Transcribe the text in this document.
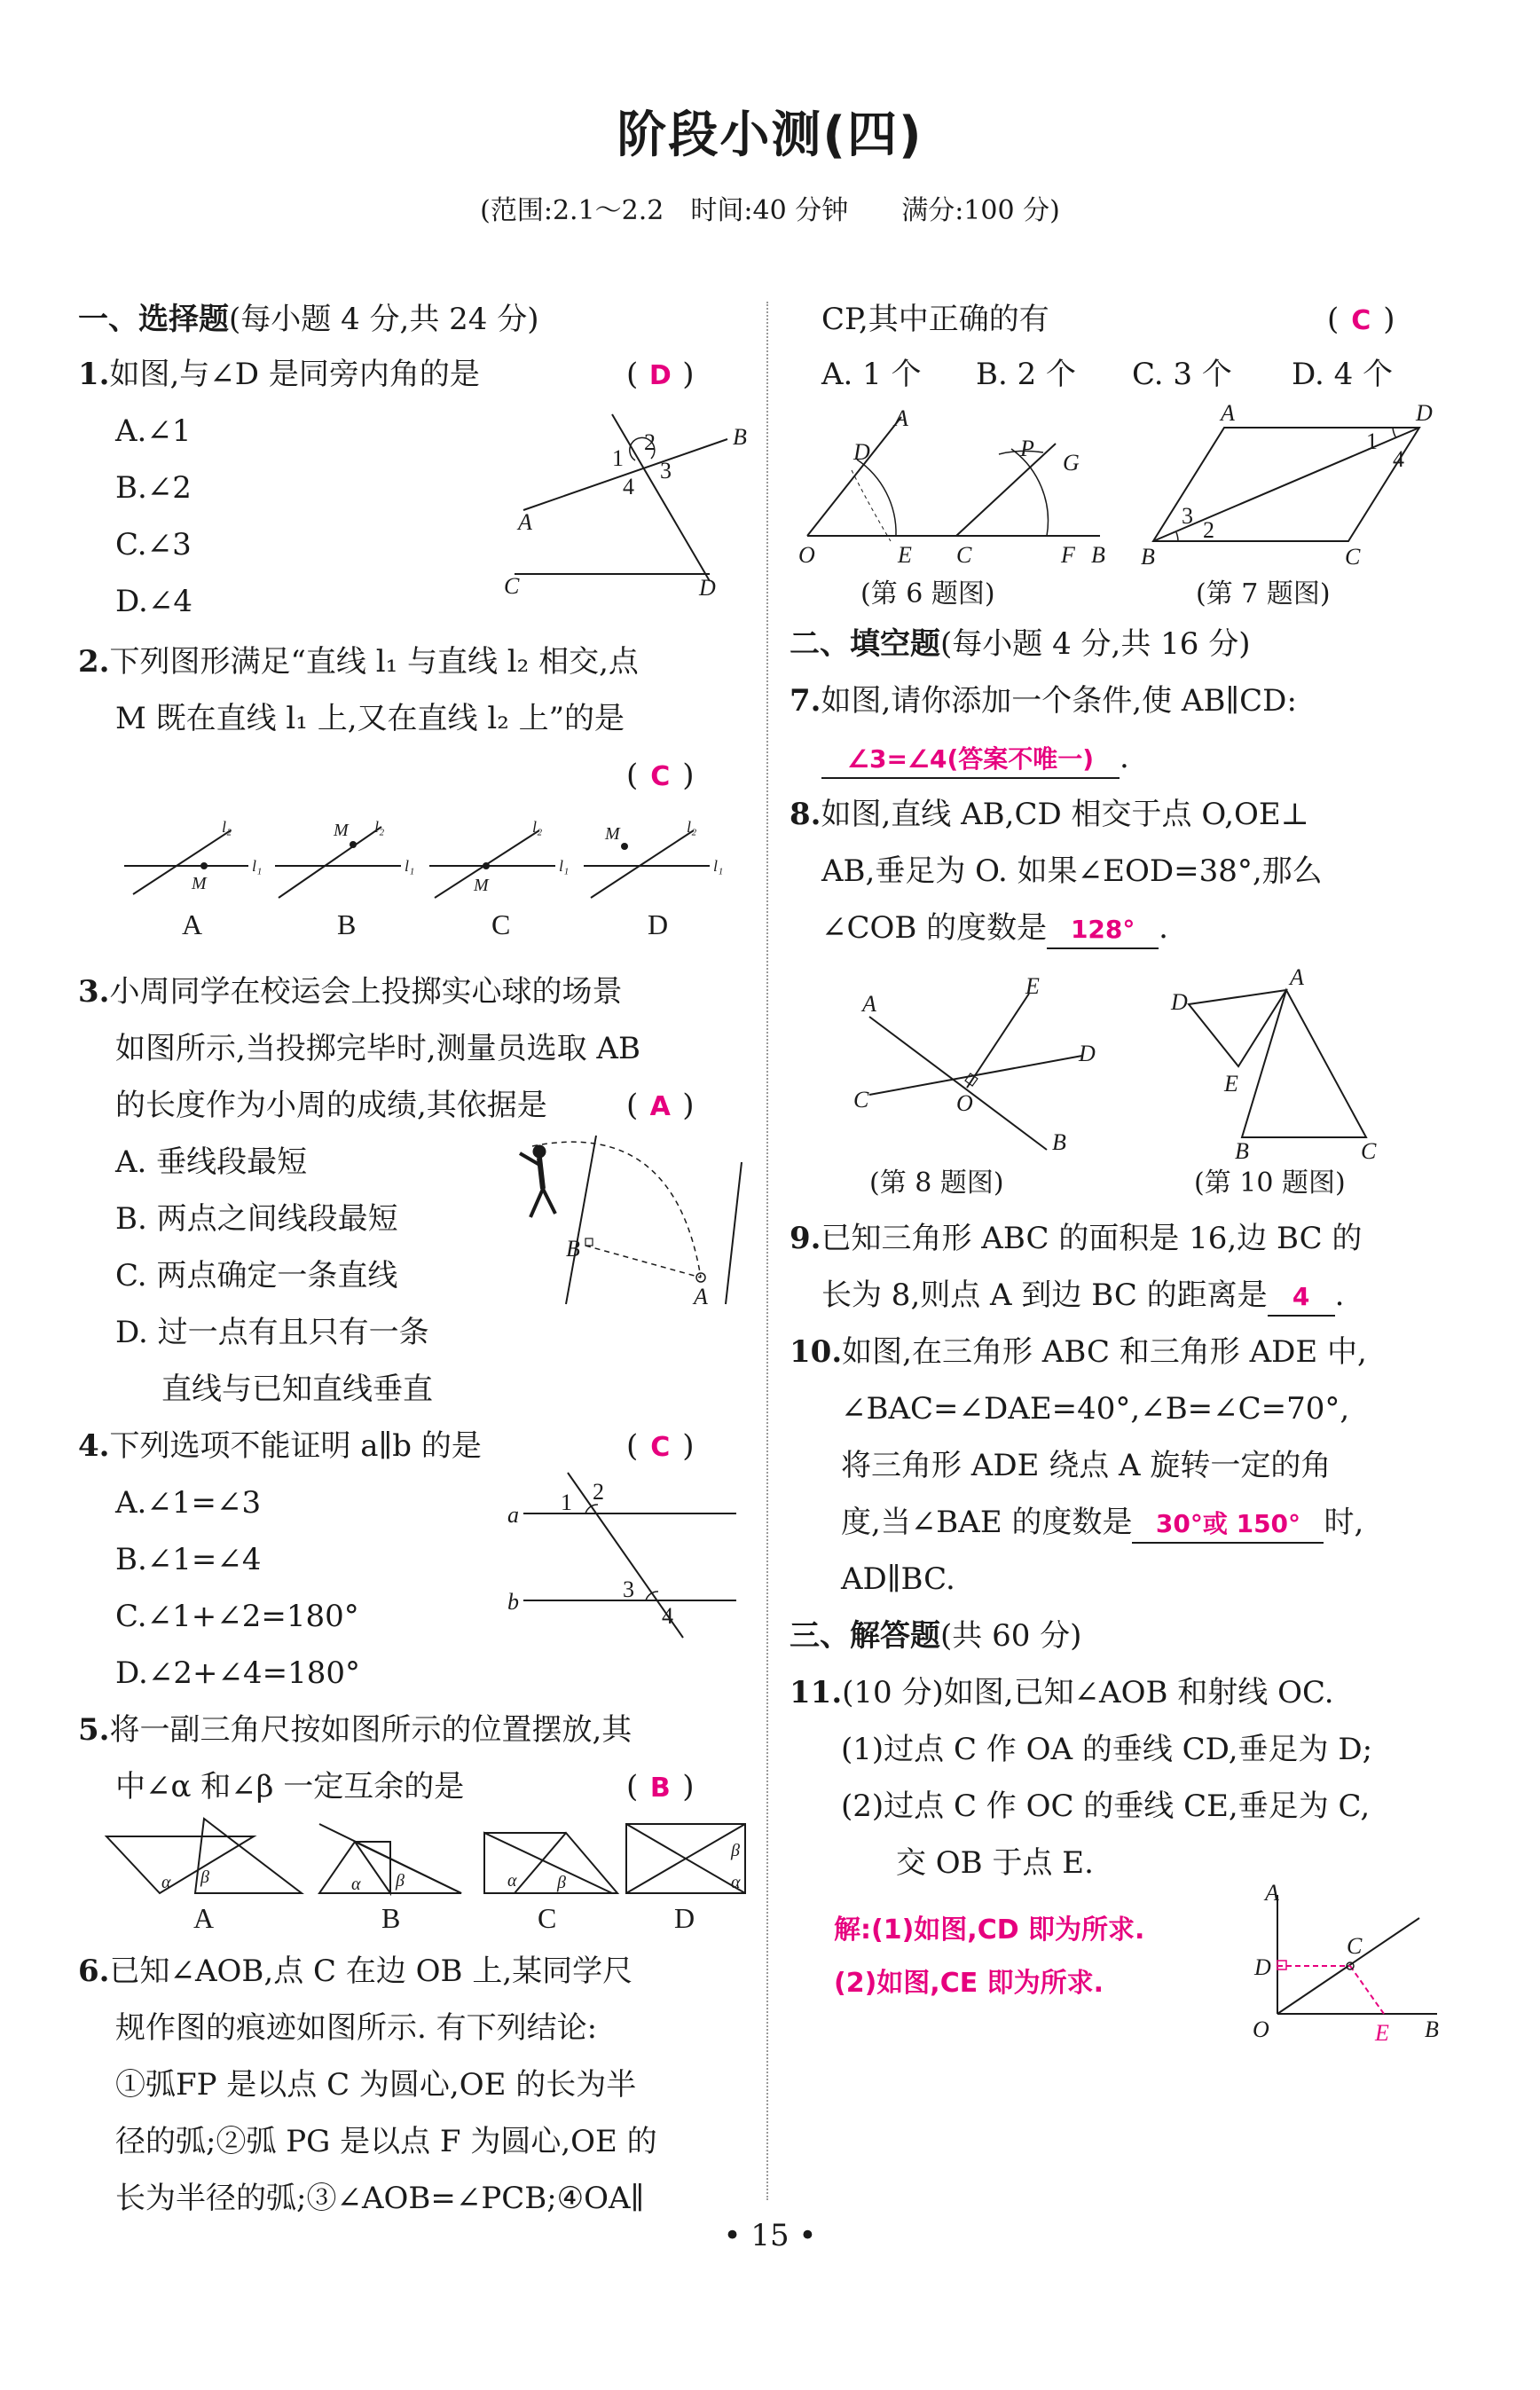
阶段小测(四)
(范围:2.1～2.2　时间:40 分钟　　满分:100 分)
一、选择题(每小题 4 分,共 24 分)
1.如图,与∠D 是同旁内角的是	( D )
A.∠1
B.∠2
C.∠3
D.∠4
1
2
3
4
B
A
C	D
2.下列图形满足“直线 l₁ 与直线 l₂ 相交,点
M 既在直线 l₁ 上,又在直线 l₂ 上”的是
( C )
M
l₂
l₁
M l₂
l₁
M
l₂
l₁
M	l₂
l₁
A	B	C	D
3.小周同学在校运会上投掷实心球的场景
如图所示,当投掷完毕时,测量员选取 AB
的长度作为小周的成绩,其依据是	( A )
A. 垂线段最短
B. 两点之间线段最短
C. 两点确定一条直线
D. 过一点有且只有一条
直线与已知直线垂直
B
A
4.下列选项不能证明 a∥b 的是	( C )
A.∠1=∠3
B.∠1=∠4
C.∠1+∠2=180°
D.∠2+∠4=180°
a
b
1 2
3
4
5.将一副三角尺按如图所示的位置摆放,其
中∠α 和∠β 一定互余的是	( B )
α β	α β	α β
β
α
A	B	C	D
6.已知∠AOB,点 C 在边 OB 上,某同学尺
规作图的痕迹如图所示. 有下列结论:
①弧FP 是以点 C 为圆心,OE 的长为半
径的弧;②弧 PG 是以点 F 为圆心,OE 的
长为半径的弧;③∠AOB=∠PCB;④OA∥
• 15 •
CP,其中正确的有	( C )
A. 1 个 B. 2 个 C. 3 个 D. 4 个
A
D	P
G
O	E C	F B
(第 6 题图)
A	D
B	C
1
2
3
4
(第 7 题图)
二、填空题(每小题 4 分,共 16 分)
7.如图,请你添加一个条件,使 AB∥CD:
∠3=∠4(答案不唯一) .
8.如图,直线 AB,CD 相交于点 O,OE⊥
AB,垂足为 O. 如果∠EOD=38°,那么
∠COB 的度数是 128° .
A
E
D
C	O
B
(第 8 题图)
A
D
E
B	C
(第 10 题图)
9.已知三角形 ABC 的面积是 16,边 BC 的
长为 8,则点 A 到边 BC 的距离是 4 .
10.如图,在三角形 ABC 和三角形 ADE 中,
∠BAC=∠DAE=40°,∠B=∠C=70°,
将三角形 ADE 绕点 A 旋转一定的角
度,当∠BAE 的度数是 30°或 150° 时,
AD∥BC.
三、解答题(共 60 分)
11.(10 分)如图,已知∠AOB 和射线 OC.
(1)过点 C 作 OA 的垂线 CD,垂足为 D;
(2)过点 C 作 OC 的垂线 CE,垂足为 C,
交 OB 于点 E.
解:(1)如图,CD 即为所求.
(2)如图,CE 即为所求.
A
C
D
O	E B
